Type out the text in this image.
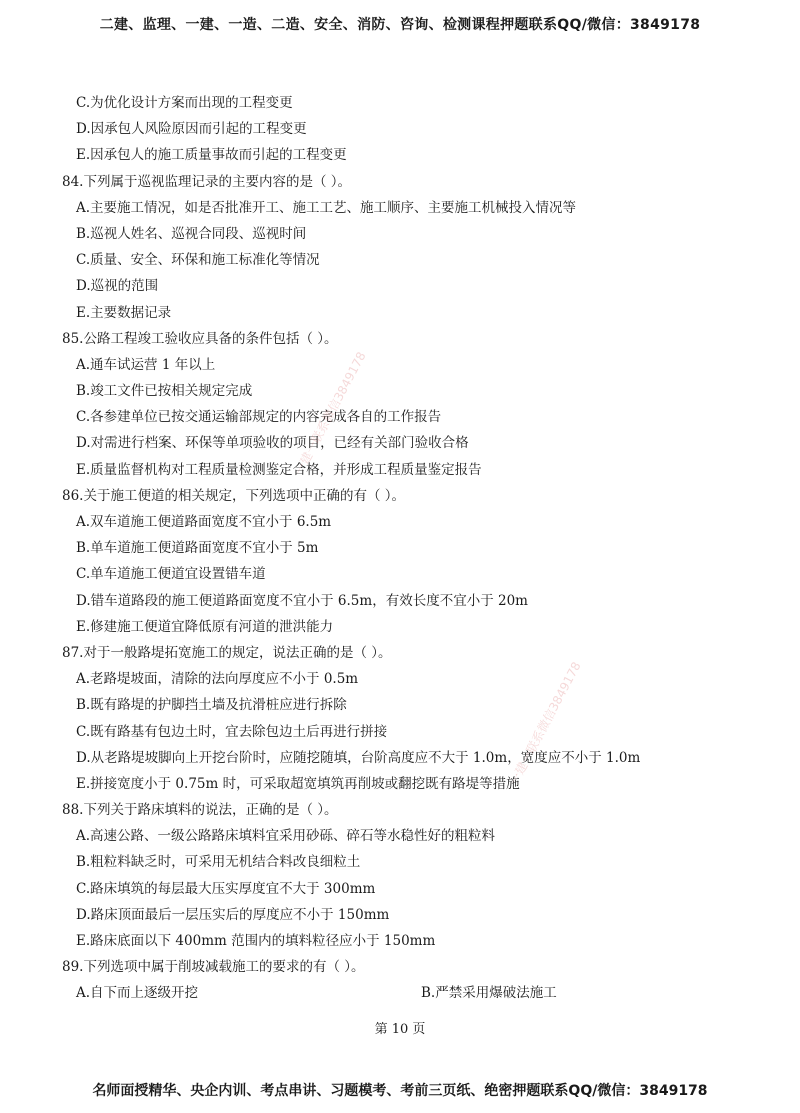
二建、监理、一建、一造、二造、安全、消防、咨询、检测课程押题联系QQ/微信：3849178
C.为优化设计方案而出现的工程变更
D.因承包人风险原因而引起的工程变更
E.因承包人的施工质量事故而引起的工程变更
84.下列属于巡视监理记录的主要内容的是（ ）。
A.主要施工情况，如是否批准开工、施工工艺、施工顺序、主要施工机械投入情况等
B.巡视人姓名、巡视合同段、巡视时间
C.质量、安全、环保和施工标准化等情况
D.巡视的范围
E.主要数据记录
85.公路工程竣工验收应具备的条件包括（ ）。
A.通车试运营 1 年以上
B.竣工文件已按相关规定完成
C.各参建单位已按交通运输部规定的内容完成各自的工作报告
D.对需进行档案、环保等单项验收的项目，已经有关部门验收合格
E.质量监督机构对工程质量检测鉴定合格，并形成工程质量鉴定报告
86.关于施工便道的相关规定，下列选项中正确的有（ ）。
A.双车道施工便道路面宽度不宜小于 6.5m
B.单车道施工便道路面宽度不宜小于 5m
C.单车道施工便道宜设置错车道
D.错车道路段的施工便道路面宽度不宜小于 6.5m，有效长度不宜小于 20m
E.修建施工便道宜降低原有河道的泄洪能力
87.对于一般路堤拓宽施工的规定，说法正确的是（ ）。
A.老路堤坡面，清除的法向厚度应不小于 0.5m
B.既有路堤的护脚挡土墙及抗滑桩应进行拆除
C.既有路基有包边土时，宜去除包边土后再进行拼接
D.从老路堤坡脚向上开挖台阶时，应随挖随填，台阶高度应不大于 1.0m，宽度应不小于 1.0m
E.拼接宽度小于 0.75m 时，可采取超宽填筑再削坡或翻挖既有路堤等措施
88.下列关于路床填料的说法，正确的是（ ）。
A.高速公路、一级公路路床填料宜采用砂砾、碎石等水稳性好的粗粒料
B.粗粒料缺乏时，可采用无机结合料改良细粒土
C.路床填筑的每层最大压实厚度宜不大于 300mm
D.路床顶面最后一层压实后的厚度应不小于 150mm
E.路床底面以下 400mm 范围内的填料粒径应小于 150mm
89.下列选项中属于削坡减载施工的要求的有（ ）。
A.自下而上逐级开挖	B.严禁采用爆破法施工
一建一联系微信3849178
一建一联系微信3849178
第 10 页
名师面授精华、央企内训、考点串讲、习题模考、考前三页纸、绝密押题联系QQ/微信：3849178
